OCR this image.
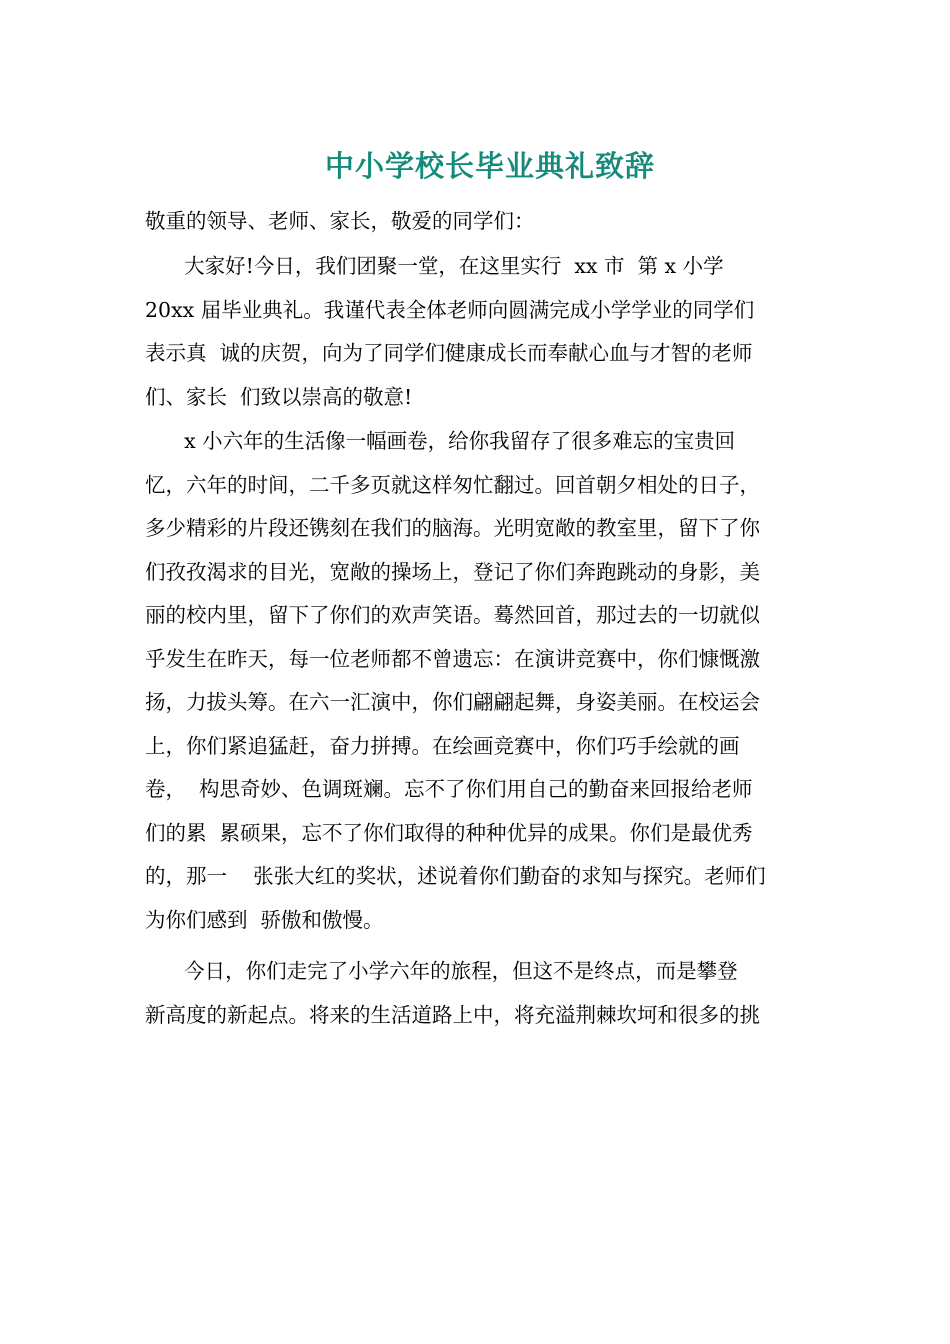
中小学校长毕业典礼致辞

敬重的领导、老师、家长，敬爱的同学们：

大家好!今日，我们团聚一堂，在这里实行  xx 市  第 x 小学
20xx 届毕业典礼。我谨代表全体老师向圆满完成小学学业的同学们
表示真  诚的庆贺，向为了同学们健康成长而奉献心血与才智的老师
们、家长  们致以崇高的敬意!
x 小六年的生活像一幅画卷，给你我留存了很多难忘的宝贵回
忆，六年的时间，二千多页就这样匆忙翻过。回首朝夕相处的日子，
多少精彩的片段还镌刻在我们的脑海。光明宽敞的教室里，留下了你
们孜孜渴求的目光，宽敞的操场上，登记了你们奔跑跳动的身影，美
丽的校内里，留下了你们的欢声笑语。蓦然回首，那过去的一切就似
乎发生在昨天，每一位老师都不曾遗忘：在演讲竞赛中，你们慷慨激
扬，力拔头筹。在六一汇演中，你们翩翩起舞，身姿美丽。在校运会
上，你们紧追猛赶，奋力拼搏。在绘画竞赛中，你们巧手绘就的画
卷，  构思奇妙、色调斑斓。忘不了你们用自己的勤奋来回报给老师
们的累  累硕果，忘不了你们取得的种种优异的成果。你们是最优秀
的，那一    张张大红的奖状，述说着你们勤奋的求知与探究。老师们
为你们感到  骄傲和傲慢。
今日，你们走完了小学六年的旅程，但这不是终点，而是攀登
新高度的新起点。将来的生活道路上中，将充溢荆棘坎坷和很多的挑
